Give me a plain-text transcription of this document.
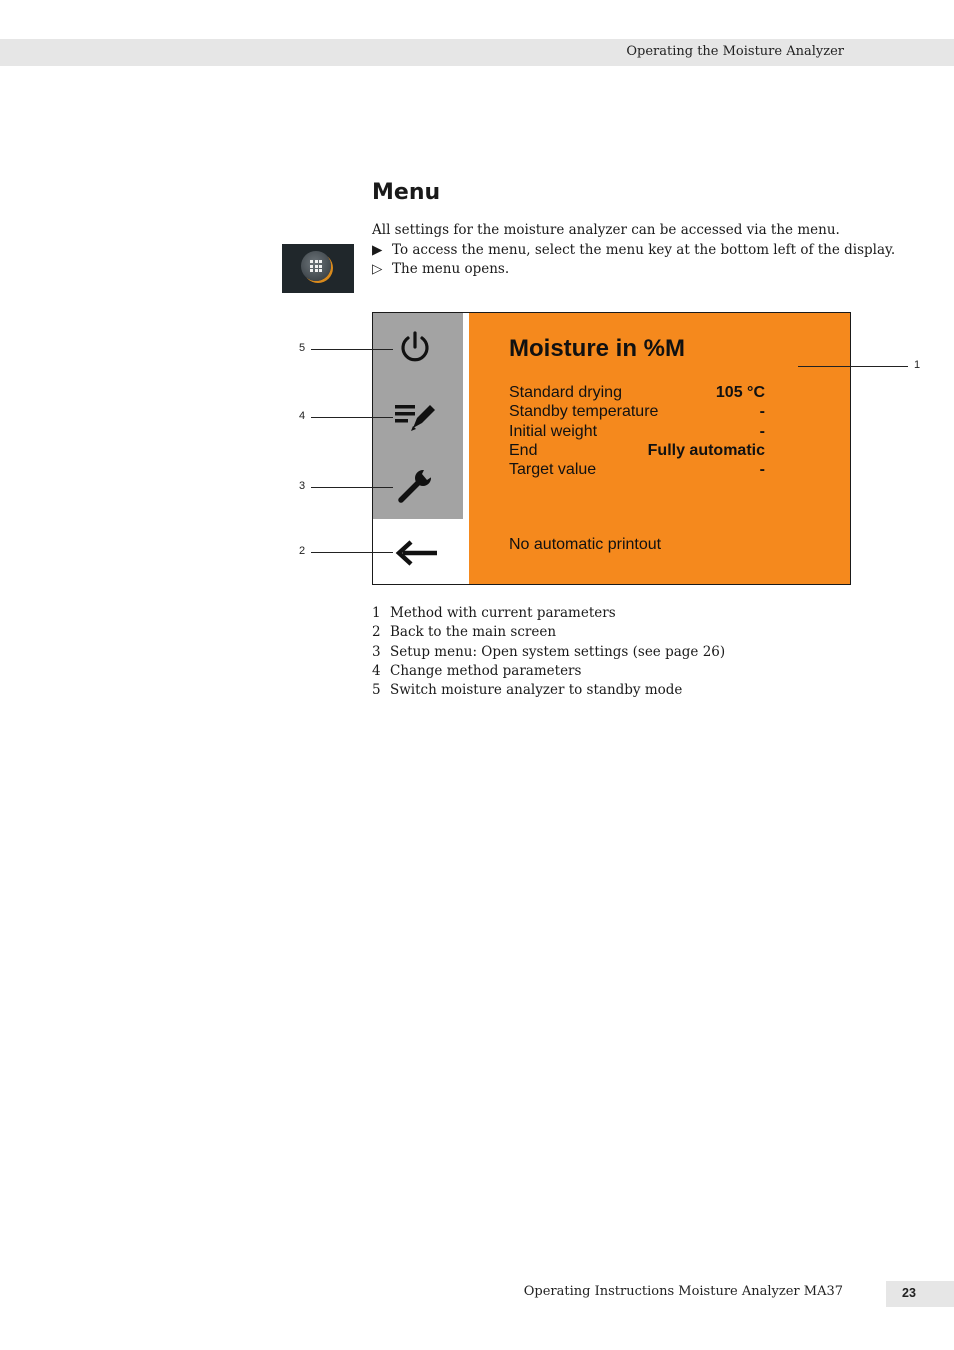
Operating the Moisture Analyzer
Menu

All settings for the moisture analyzer can be accessed via the menu.

▶ To access the menu, select the menu key at the bottom left of the display.

▷ The menu opens.

Moisture in %M
Standard drying	105 °C
Standby temperature	-
Initial weight	-
End	Fully automatic
Target value	-
No automatic printout
5
4
3
2
1
1 Method with current parameters
2 Back to the main screen
3 Setup menu: Open system settings (see page 26)
4 Change method parameters
5 Switch moisture analyzer to standby mode
Operating Instructions Moisture Analyzer MA37	23
